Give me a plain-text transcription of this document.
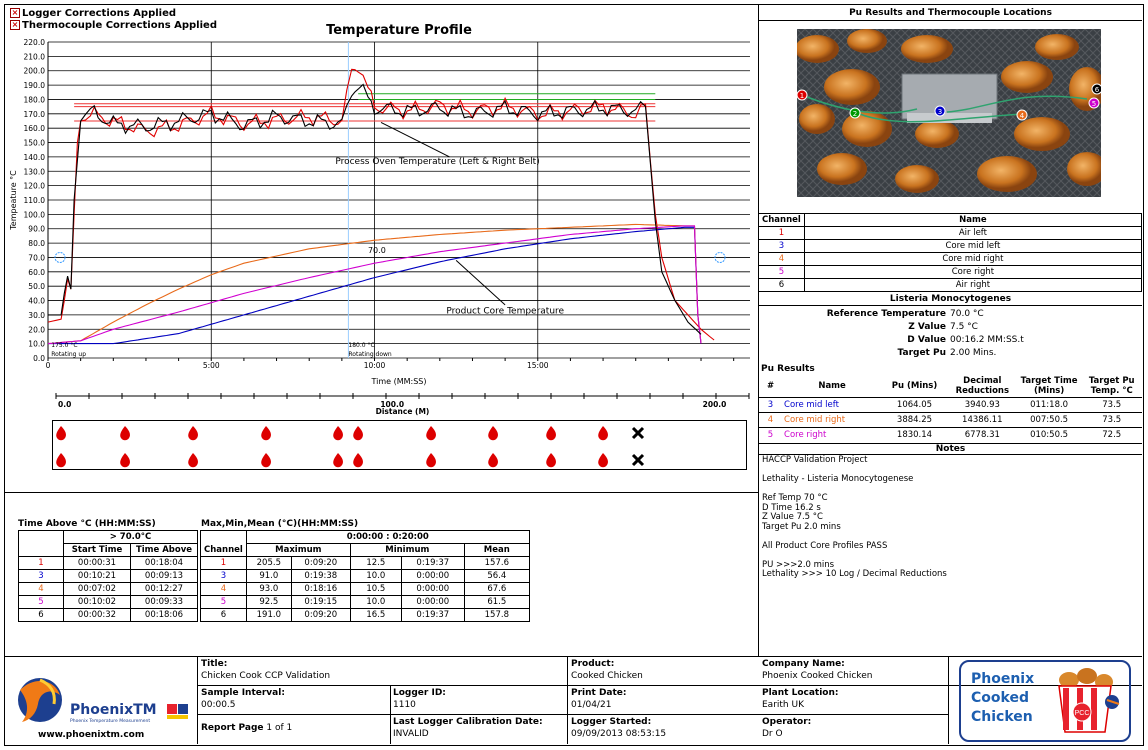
× Logger Corrections Applied
× Thermocouple Corrections Applied	Temperature Profile
0.0
10.0
20.0
30.0
40.0
50.0
60.0
70.0
80.0
90.0
100.0
110.0
120.0
130.0
140.0
150.0
160.0
170.0
180.0
190.0
200.0
210.0
220.0
0	5:00	10:00	15:00
Time (MM:SS)
Tempeature °C
Process Oven Temperature (Left & Right Belt)
Product Core Temperature
70.0
175.0 °C
Rotating up
180.0 °C
Rotating down
0.0	100.0	200.0
Distance (M)
Pu Results and Thermocouple Locations
1
2	3	4
5
6
Channel	Name
1	Air left
3	Core mid left
4	Core mid right
5	Core right
6	Air right
Listeria Monocytogenes
Reference Temperature 70.0 °C
Z Value 7.5 °C
D Value 00:16.2 MM:SS.t
Target Pu 2.00 Mins.
Pu Results
#	Name	Pu (Mins)	Decimal Reductions	Target Time (Mins)	Target Pu Temp. °C
3	Core mid left	1064.05	3940.93	011:18.0	73.5
4	Core mid right	3884.25	14386.11	007:50.5	73.5
5	Core right	1830.14	6778.31	010:50.5	72.5
Notes
HACCP Validation Project

Lethality - Listeria Monocytogenese

Ref Temp 70 °C
D Time 16.2 s
Z Value 7.5 °C
Target Pu 2.0 mins

All Product Core Profiles PASS

PU >>>2.0 mins
Lethality >>> 10 Log / Decimal Reductions
Time Above °C (HH:MM:SS)
	> 70.0°C	
	Start Time	Time Above
1	00:00:31	00:18:04
3	00:10:21	00:09:13
4	00:07:02	00:12:27
5	00:10:02	00:09:33
6	00:00:32	00:18:06
Max,Min,Mean (°C)(HH:MM:SS)
	0:00:00 : 0:20:00				
Channel	Maximum		Minimum		Mean
1	205.5	0:09:20	12.5	0:19:37	157.6
3	91.0	0:19:38	10.0	0:00:00	56.4
4	93.0	0:18:16	10.5	0:00:00	67.6
5	92.5	0:19:15	10.0	0:00:00	61.5
6	191.0	0:09:20	16.5	0:19:37	157.8
PhoenixTM
Phoenix Temperature Measurement
www.phoenixtm.com
Title:
Chicken Cook CCP Validation
Product:
Cooked Chicken
Sample Interval:
00:00.5
Logger ID:
1110
Print Date:
01/04/21
Report Page 1 of 1
Last Logger Calibration Date:
INVALID
Logger Started:
09/09/2013 08:53:15
Company Name:
Phoenix Cooked Chicken
Plant Location:
Earith UK
Operator:
Dr O
Phoenix
Cooked
Chicken	PCC
